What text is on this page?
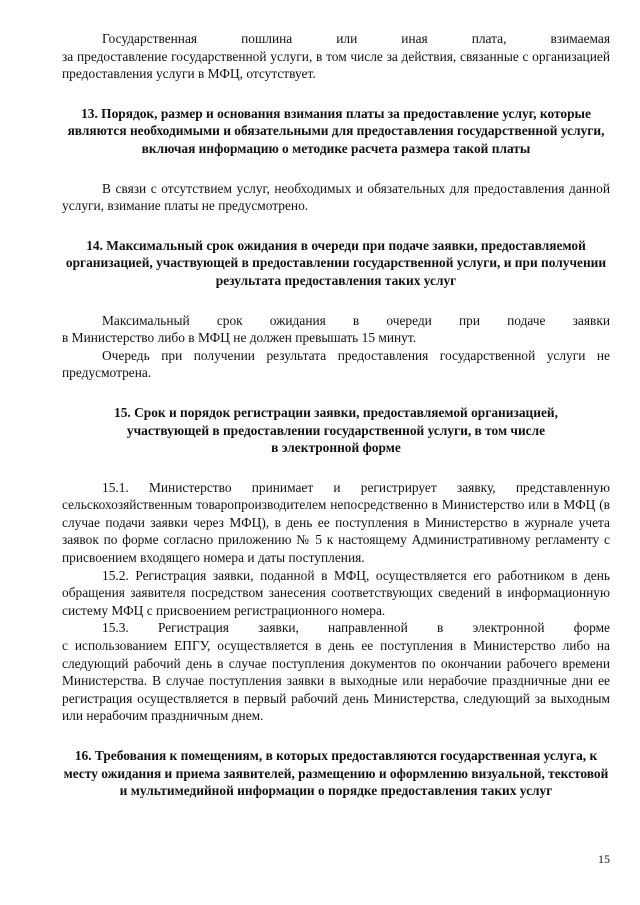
Государственная пошлина или иная плата, взимаемая

за предоставление государственной услуги, в том числе за действия, связанные с организацией предоставления услуги в МФЦ, отсутствует.

13. Порядок, размер и основания взимания платы за предоставление услуг, которые являются необходимыми и обязательными для предоставления государственной услуги, включая информацию о методике расчета размера такой платы

В связи с отсутствием услуг, необходимых и обязательных для предоставления данной услуги, взимание платы не предусмотрено.

14. Максимальный срок ожидания в очереди при подаче заявки, предоставляемой организацией, участвующей в предоставлении государственной услуги, и при получении результата предоставления таких услуг

Максимальный срок ожидания в очереди при подаче заявки

в Министерство либо в МФЦ не должен превышать 15 минут.

Очередь при получении результата предоставления государственной услуги не предусмотрена.

15. Срок и порядок регистрации заявки, предоставляемой организацией,
участвующей в предоставлении государственной услуги, в том числе
в электронной форме

15.1. Министерство принимает и регистрирует заявку, представленную сельскохозяйственным товаропроизводителем непосредственно в Министерство или в МФЦ (в случае подачи заявки через МФЦ), в день ее поступления в Министерство в журнале учета заявок по форме согласно приложению № 5 к настоящему Административному регламенту с присвоением входящего номера и даты поступления.

15.2. Регистрация заявки, поданной в МФЦ, осуществляется его работником в день обращения заявителя посредством занесения соответствующих сведений в информационную систему МФЦ с присвоением регистрационного номера.

15.3. Регистрация заявки, направленной в электронной форме

с использованием ЕПГУ, осуществляется в день ее поступления в Министерство либо на следующий рабочий день в случае поступления документов по окончании рабочего времени Министерства. В случае поступления заявки в выходные или нерабочие праздничные дни ее регистрация осуществляется в первый рабочий день Министерства, следующий за выходным или нерабочим праздничным днем.

16. Требования к помещениям, в которых предоставляются государственная услуга, к месту ожидания и приема заявителей, размещению и оформлению визуальной, текстовой и мультимедийной информации о порядке предоставления таких услуг
15
